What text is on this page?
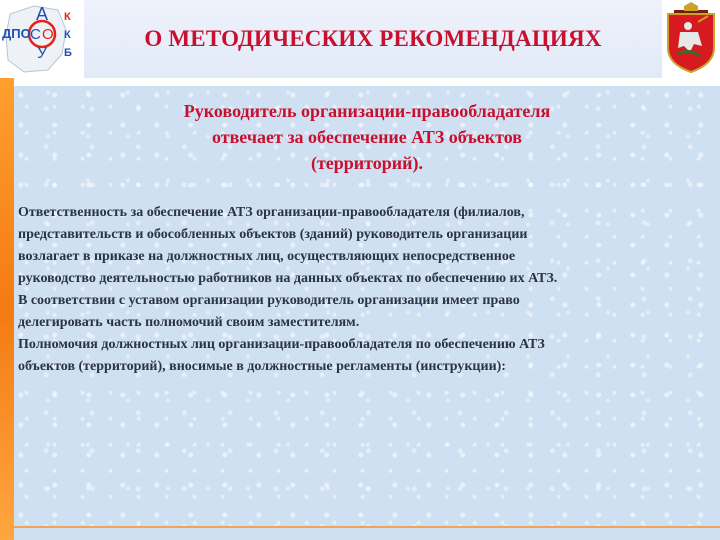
ДПО
А
С О
У
К
К
Б
О МЕТОДИЧЕСКИХ РЕКОМЕНДАЦИЯХ
Руководитель организации-правообладателя
отвечает за обеспечение АТЗ объектов
(территорий).
Ответственность за обеспечение АТЗ организации-правообладателя (филиалов,
представительств и обособленных объектов (зданий) руководитель организации
возлагает в приказе на должностных лиц, осуществляющих непосредственное
руководство деятельностью работников на данных объектах по обеспечению их АТЗ.
В соответствии с уставом организации руководитель организации имеет право
делегировать часть полномочий своим заместителям.
Полномочия должностных лиц организации-правообладателя по обеспечению АТЗ
объектов (территорий), вносимые в должностные регламенты (инструкции):
